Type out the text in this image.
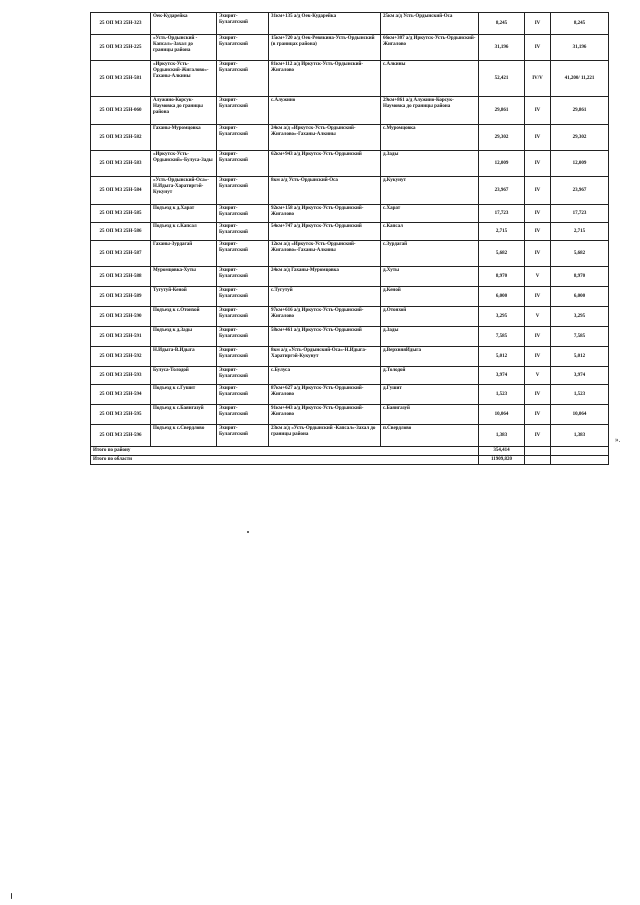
25 ОП МЗ 25Н-323	Оек-Кударейка	Эхирит-Булагатский	31км+135 а/д Оек-Кударейка	25км а/д Усть-Ордынский-Оса	8,245	IV	8,245
25 ОП МЗ 25Н-225	«Усть-Ордынский - Капсал»-Захал до границы района	Эхирит-Булагатский	15км+720 а/д Оек-Ревякина-Усть-Ордынский (в границах района)	66км+307 а/д Иркутск-Усть-Ордынский-Жигалово	31,196	IV	31,196
25 ОП МЗ 25Н-581	«Иркутск-Усть-Ордынский-Жигалово»-Гаханы-Алкины	Эхирит-Булагатский	81км+112 а/д Иркутск-Усть-Ордынский-Жигалово	с.Алкины	52,421	IV/V	41,200/ 11,221
25 ОП МЗ 25Н-060	Алужино-Корсук-Наумовка до границы района	Эхирит-Булагатский	с.Алужино	29км+861 а/д Алужино-Корсук-Наумовка до границы района	29,861	IV	29,861
25 ОП МЗ 25Н-582	Гаханы-Муромцовка	Эхирит-Булагатский	24км а/д «Иркутск-Усть-Ордынский-Жигалово»-Гаханы-Алкины	с.Муромцовка	29,302	IV	29,302
25 ОП МЗ 25Н-583	«Иркутск-Усть-Ордынский»-Булуса-Зады	Эхирит-Булагатский	62км+943 а/д Иркутск-Усть-Ордынский	д.Зады	12,009	IV	12,009
25 ОП МЗ 25Н-584	«Усть-Ордынский-Оса»-Н.Идыга-Харатиргэй-Кукунут	Эхирит-Булагатский	8км а/д Усть-Ордынский-Оса	д.Кукунут	23,967	IV	23,967
25 ОП МЗ 25Н-585	Подъезд к д.Харат	Эхирит-Булагатский	92км+158 а/д Иркутск-Усть-Ордынский-Жигалово	с.Харат	17,723	IV	17,723
25 ОП МЗ 25Н-586	Подъезд к с.Капсал	Эхирит-Булагатский	54км+747 а/д Иркутск-Усть-Ордынский	с.Капсал	2,715	IV	2,715
25 ОП МЗ 25Н-587	Гаханы-Зурдагай	Эхирит-Булагатский	12км а/д «Иркутск-Усть-Ордынский-Жигалово»-Гаханы-Алкины	с.Зурдагай	5,682	IV	5,682
25 ОП МЗ 25Н-588	Муромцовка-Хуты	Эхирит-Булагатский	24км а/д Гаханы-Муромцовка	д.Хуты	8,970	V	8,970
25 ОП МЗ 25Н-589	Тугутуй-Кеной	Эхирит-Булагатский	с.Тугутуй	д.Кеной	6,000	IV	6,000
25 ОП МЗ 25Н-590	Подъезд к с.Отонхой	Эхирит-Булагатский	97км+616 а/д Иркутск-Усть-Ордынский-Жигалово	д.Отонхой	3,295	V	3,295
25 ОП МЗ 25Н-591	Подъезд к д.Зады	Эхирит-Булагатский	58км+461 а/д Иркутск-Усть-Ордынский	д.Зады	7,585	IV	7,585
25 ОП МЗ 25Н-592	Н.Идыга-В.Идыга	Эхирит-Булагатский	8км а/д «Усть-Ордынский-Оса»-Н.Идыга-Харатиргэй-Кукунут	д.ВерхняяИдыга	5,012	IV	5,012
25 ОП МЗ 25Н-593	Булуса-Толодой	Эхирит-Булагатский	с.Булуса	д.Толодой	3,974	V	3,974
25 ОП МЗ 25Н-594	Подъезд к с.Гушит	Эхирит-Булагатский	87км+627 а/д Иркутск-Усть-Ордынский-Жигалово	д.Гушит	1,523	IV	1,523
25 ОП МЗ 25Н-595	Подъезд к с.Баянгазуй	Эхирит-Булагатский	91км+443 а/д Иркутск-Усть-Ордынский-Жигалово	с.Баянгазуй	10,064	IV	10,064
25 ОП МЗ 25Н-596	Подъезд к с.Свердлово	Эхирит-Булагатский	23км а/д «Усть-Ордынский -Капсал»-Захал до границы района	п.Свердлово	1,383	IV	1,383
Итого по району					354,414		
Итого по области					11909,820		
».
